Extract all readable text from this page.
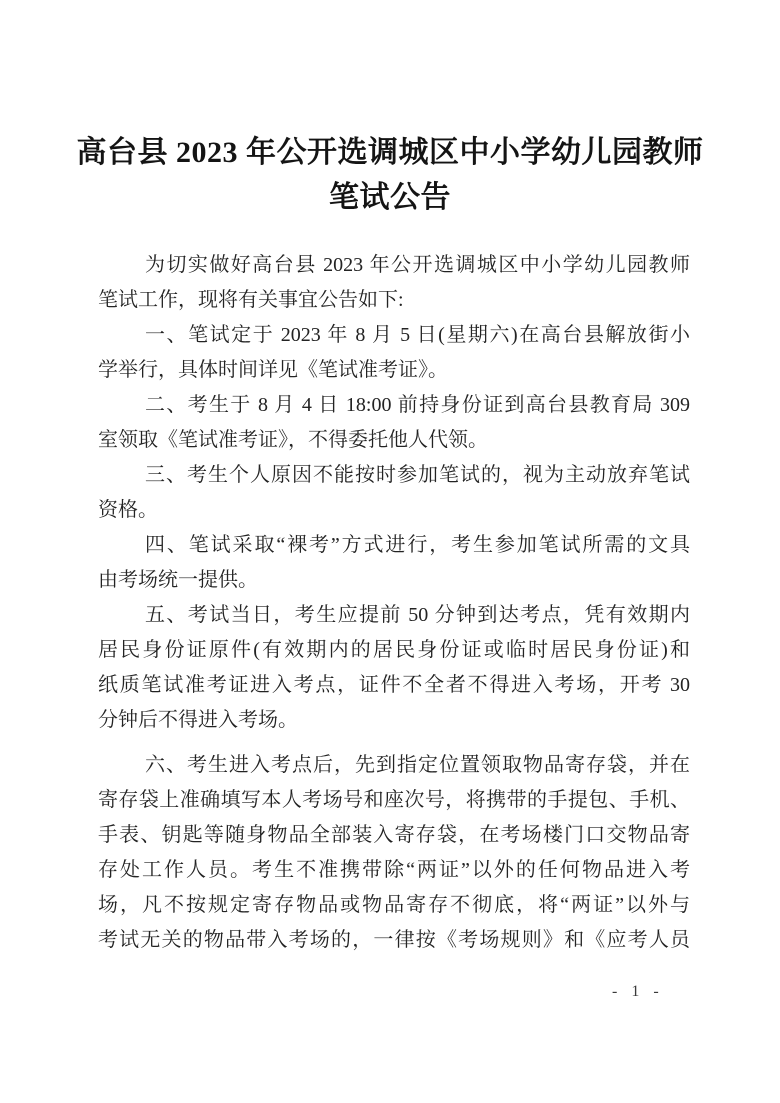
高台县 2023 年公开选调城区中小学幼儿园教师
笔试公告
为切实做好高台县 2023 年公开选调城区中小学幼儿园教师
笔试工作，现将有关事宜公告如下:
一、笔试定于 2023 年 8 月 5 日(星期六)在高台县解放街小
学举行，具体时间详见《笔试准考证》。
二、考生于 8 月 4 日 18:00 前持身份证到高台县教育局 309
室领取《笔试准考证》，不得委托他人代领。
三、考生个人原因不能按时参加笔试的，视为主动放弃笔试
资格。
四、笔试采取“裸考”方式进行，考生参加笔试所需的文具
由考场统一提供。
五、考试当日，考生应提前 50 分钟到达考点，凭有效期内
居民身份证原件(有效期内的居民身份证或临时居民身份证)和
纸质笔试准考证进入考点，证件不全者不得进入考场，开考 30
分钟后不得进入考场。
六、考生进入考点后，先到指定位置领取物品寄存袋，并在
寄存袋上准确填写本人考场号和座次号，将携带的手提包、手机、
手表、钥匙等随身物品全部装入寄存袋，在考场楼门口交物品寄
存处工作人员。考生不准携带除“两证”以外的任何物品进入考
场，凡不按规定寄存物品或物品寄存不彻底，将“两证”以外与
考试无关的物品带入考场的，一律按《考场规则》和《应考人员
- 1 -
